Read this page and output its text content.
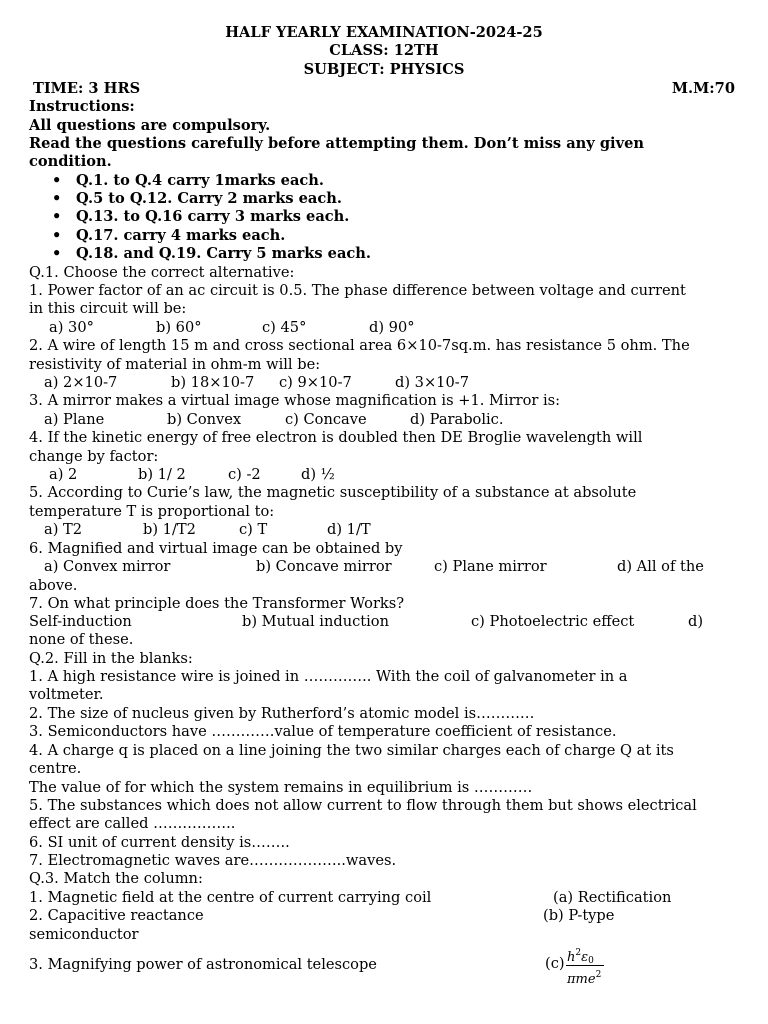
HALF YEARLY EXAMINATION-2024-25
CLASS: 12TH
SUBJECT: PHYSICS
TIME: 3 HRS	M.M:70
Instructions:
All questions are compulsory.
Read the questions carefully before attempting them. Don’t miss any given
condition.
• Q.1. to Q.4 carry 1marks each.
• Q.5 to Q.12. Carry 2 marks each.
• Q.13. to Q.16 carry 3 marks each.
• Q.17. carry 4 marks each.
• Q.18. and Q.19. Carry 5 marks each.
Q.1. Choose the correct alternative:
1. Power factor of an ac circuit is 0.5. The phase difference between voltage and current
in this circuit will be:
a) 30°	b) 60°	c) 45°	d) 90°
2. A wire of length 15 m and cross sectional area 6×10-7sq.m. has resistance 5 ohm. The
resistivity of material in ohm-m will be:
a) 2×10-7	b) 18×10-7 c) 9×10-7	d) 3×10-7
3. A mirror makes a virtual image whose magnification is +1. Mirror is:
a) Plane	b) Convex	c) Concave	d) Parabolic.
4. If the kinetic energy of free electron is doubled then DE Broglie wavelength will
change by factor:
a) 2	b) 1/ 2	c) -2	d) ½
5. According to Curie’s law, the magnetic susceptibility of a substance at absolute
temperature T is proportional to:
a) T2	b) 1/T2	c) T	d) 1/T
6. Magnified and virtual image can be obtained by
a) Convex mirror	b) Concave mirror	c) Plane mirror	d) All of the
above.
7. On what principle does the Transformer Works?
Self-induction	b) Mutual induction	c) Photoelectric effect	d)
none of these.
Q.2. Fill in the blanks:
1. A high resistance wire is joined in ………….. With the coil of galvanometer in a
voltmeter.
2. The size of nucleus given by Rutherford’s atomic model is…………
3. Semiconductors have ………….value of temperature coefficient of resistance.
4. A charge q is placed on a line joining the two similar charges each of charge Q at its
centre.
The value of for which the system remains in equilibrium is …………
5. The substances which does not allow current to flow through them but shows electrical
effect are called ……………..
6. SI unit of current density is……..
7. Electromagnetic waves are………………..waves.
Q.3. Match the column:
1. Magnetic field at the centre of current carrying coil	(a) Rectification
2. Capacitive reactance	(b) P-type
semiconductor
3. Magnifying power of astronomical telescope	(c) $h^2\varepsilon_0$
πme$^2$
